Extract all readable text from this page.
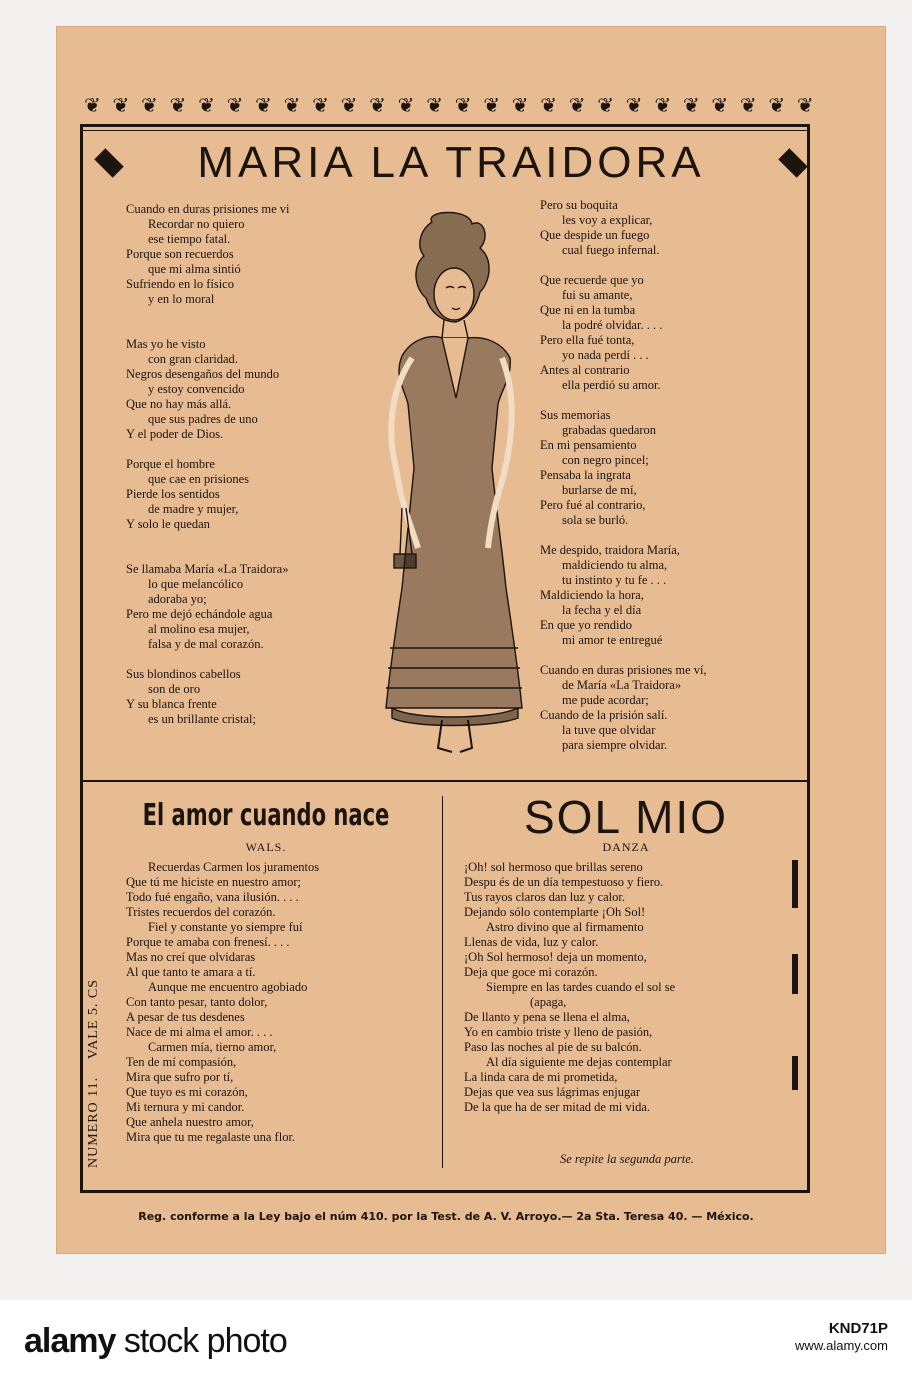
❦ ❦ ❦ ❦ ❦ ❦ ❦ ❦ ❦ ❦ ❦ ❦ ❦ ❦ ❦ ❦ ❦ ❦ ❦ ❦ ❦ ❦ ❦ ❦ ❦ ❦
MARIA LA TRAIDORA
Cuando en duras prisiones me vi
Recordar no quiero
ese tiempo fatal.
Porque son recuerdos
que mi alma sintió
Sufriendo en lo físico
y en lo moral
Mas yo he visto
con gran claridad.
Negros desengaños del mundo
y estoy convencido
Que no hay más allá.
que sus padres de uno
Y el poder de Dios.
Porque el hombre
que cae en prisiones
Pierde los sentidos
de madre y mujer,
Y solo le quedan
Se llamaba María «La Traidora»
lo que melancólico
adoraba yo;
Pero me dejó echándole agua
al molino esa mujer,
falsa y de mal corazón.
Sus blondinos cabellos
son de oro
Y su blanca frente
es un brillante cristal;
Pero su boquita
les voy a explicar,
Que despide un fuego
cual fuego infernal.
Que recuerde que yo
fui su amante,
Que ni en la tumba
la podré olvidar. . . .
Pero ella fué tonta,
yo nada perdí . . .
Antes al contrario
ella perdió su amor.
Sus memorias
grabadas quedaron
En mi pensamiento
con negro pincel;
Pensaba la ingrata
burlarse de mí,
Pero fué al contrario,
sola se burló.
Me despido, traidora María,
maldiciendo tu alma,
tu instinto y tu fe . . .
Maldiciendo la hora,
la fecha y el día
En que yo rendido
mi amor te entregué
Cuando en duras prisiones me ví,
de María «La Traidora»
me pude acordar;
Cuando de la prisión salí.
la tuve que olvidar
para siempre olvidar.
El amor cuando nace
WALS.
Recuerdas Carmen los juramentos
Que tú me hiciste en nuestro amor;
Todo fué engaño, vana ilusión. . . .
Tristes recuerdos del corazón.
Fiel y constante yo siempre fuí
Porque te amaba con frenesí. . . .
Mas no creí que olvidaras
Al que tanto te amara a tí.
Aunque me encuentro agobiado
Con tanto pesar, tanto dolor,
A pesar de tus desdenes
Nace de mi alma el amor. . . .
Carmen mía, tierno amor,
Ten de mí compasión,
Mira que sufro por tí,
Que tuyo es mi corazón,
Mi ternura y mi candor.
Que anhela nuestro amor,
Mira que tu me regalaste una flor.
SOL MIO
DANZA
¡Oh! sol hermoso que brillas sereno
Despu és de un día tempestuoso y fiero.
Tus rayos claros dan luz y calor.
Dejando sólo contemplarte ¡Oh Sol!
Astro divino que al firmamento
Llenas de vida, luz y calor.
¡Oh Sol hermoso! deja un momento,
Deja que goce mi corazón.
Siempre en las tardes cuando el sol se
(apaga,
De llanto y pena se llena el alma,
Yo en cambio triste y lleno de pasión,
Paso las noches al pie de su balcón.
Al día siguiente me dejas contemplar
La linda cara de mi prometida,
Dejas que vea sus lágrimas enjugar
De la que ha de ser mitad de mi vida.
Se repite la segunda parte.
NUMERO 11.    VALE 5. CS
Reg. conforme a la Ley bajo el núm 410. por la Test. de A. V. Arroyo.— 2a Sta. Teresa 40. — México.
alamy stock photo	KND71P
www.alamy.com
